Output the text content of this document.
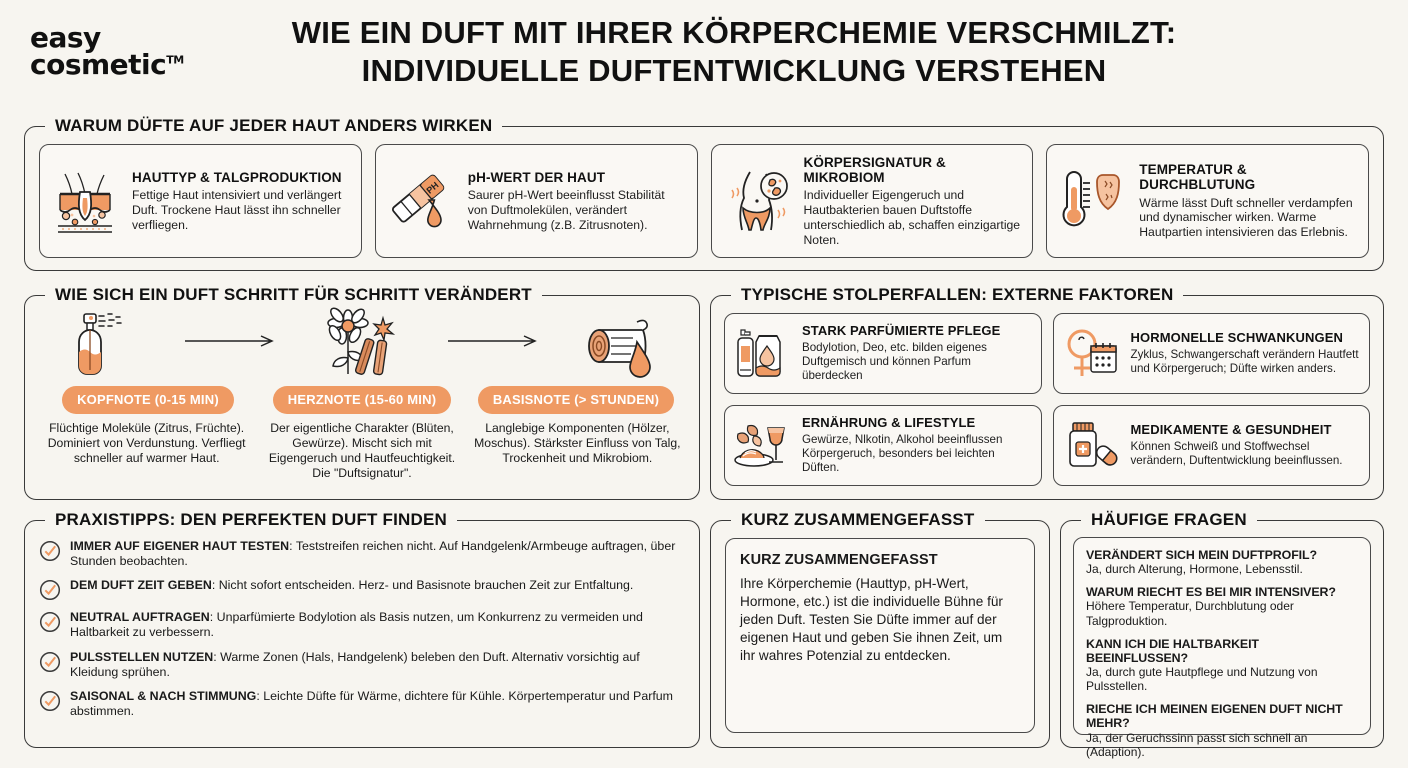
easy
cosmetic™
WIE EIN DUFT MIT IHRER KÖRPERCHEMIE VERSCHMILZT:
INDIVIDUELLE DUFTENTWICKLUNG VERSTEHEN
WARUM DÜFTE AUF JEDER HAUT ANDERS WIRKEN
HAUTTYP & TALGPRODUKTION
Fettige Haut intensiviert und verlängert Duft. Trockene Haut lässt ihn schneller verfliegen.
PH
pH-WERT DER HAUT
Saurer pH-Wert beeinflusst Stabilität von Duftmolekülen, verändert Wahrnehmung (z.B. Zitrusnoten).
KÖRPERSIGNATUR & MIKROBIOM
Individueller Eigengeruch und Hautbakterien bauen Duftstoffe unterschiedlich ab, schaffen einzigartige Noten.
TEMPERATUR & DURCHBLUTUNG
Wärme lässt Duft schneller verdampfen und dynamischer wirken. Warme Hautpartien intensivieren das Erlebnis.
WIE SICH EIN DUFT SCHRITT FÜR SCHRITT VERÄNDERT
KOPFNOTE (0-15 MIN)	HERZNOTE (15-60 MIN)	BASISNOTE (> STUNDEN)
Flüchtige Moleküle (Zitrus, Früchte). Dominiert von Verdunstung. Verfliegt schneller auf warmer Haut.
Der eigentliche Charakter (Blüten, Gewürze). Mischt sich mit Eigengeruch und Hautfeuchtigkeit. Die "Duftsignatur".
Langlebige Komponenten (Hölzer, Moschus). Stärkster Einfluss von Talg, Trockenheit und Mikrobiom.
TYPISCHE STOLPERFALLEN: EXTERNE FAKTOREN
STARK PARFÜMIERTE PFLEGE
Bodylotion, Deo, etc. bilden eigenes Duftgemisch und können Parfum überdecken
HORMONELLE SCHWANKUNGEN
Zyklus, Schwangerschaft verändern Hautfett und Körpergeruch; Düfte wirken anders.
ERNÄHRUNG & LIFESTYLE
Gewürze, Nlkotin, Alkohol beeinflussen Körpergeruch, besonders bei leichten Düften.
MEDIKAMENTE & GESUNDHEIT
Können Schweiß und Stoffwechsel verändern, Duftentwicklung beeinflussen.
PRAXISTIPPS: DEN PERFEKTEN DUFT FINDEN
IMMER AUF EIGENER HAUT TESTEN: Teststreifen reichen nicht. Auf Handgelenk/Armbeuge auftragen, über Stunden beobachten.
DEM DUFT ZEIT GEBEN: Nicht sofort entscheiden. Herz- und Basisnote brauchen Zeit zur Entfaltung.
NEUTRAL AUFTRAGEN: Unparfümierte Bodylotion als Basis nutzen, um Konkurrenz zu vermeiden und Haltbarkeit zu verbessern.
PULSSTELLEN NUTZEN: Warme Zonen (Hals, Handgelenk) beleben den Duft. Alternativ vorsichtig auf Kleidung sprühen.
SAISONAL & NACH STIMMUNG: Leichte Düfte für Wärme, dichtere für Kühle. Körpertemperatur und Parfum abstimmen.
KURZ ZUSAMMENGEFASST
KURZ ZUSAMMENGEFASST
Ihre Körperchemie (Hauttyp, pH-Wert, Hormone, etc.) ist die individuelle Bühne für jeden Duft. Testen Sie Düfte immer auf der eigenen Haut und geben Sie ihnen Zeit, um ihr wahres Potenzial zu entdecken.
HÄUFIGE FRAGEN
VERÄNDERT SICH MEIN DUFTPROFIL?
Ja, durch Alterung, Hormone, Lebensstil.
WARUM RIECHT ES BEI MIR INTENSIVER?
Höhere Temperatur, Durchblutung oder Talgproduktion.
KANN ICH DIE HALTBARKEIT BEEINFLUSSEN?
Ja, durch gute Hautpflege und Nutzung von Pulsstellen.
RIECHE ICH MEINEN EIGENEN DUFT NICHT MEHR?
Ja, der Geruchssinn passt sich schnell an (Adaption).
